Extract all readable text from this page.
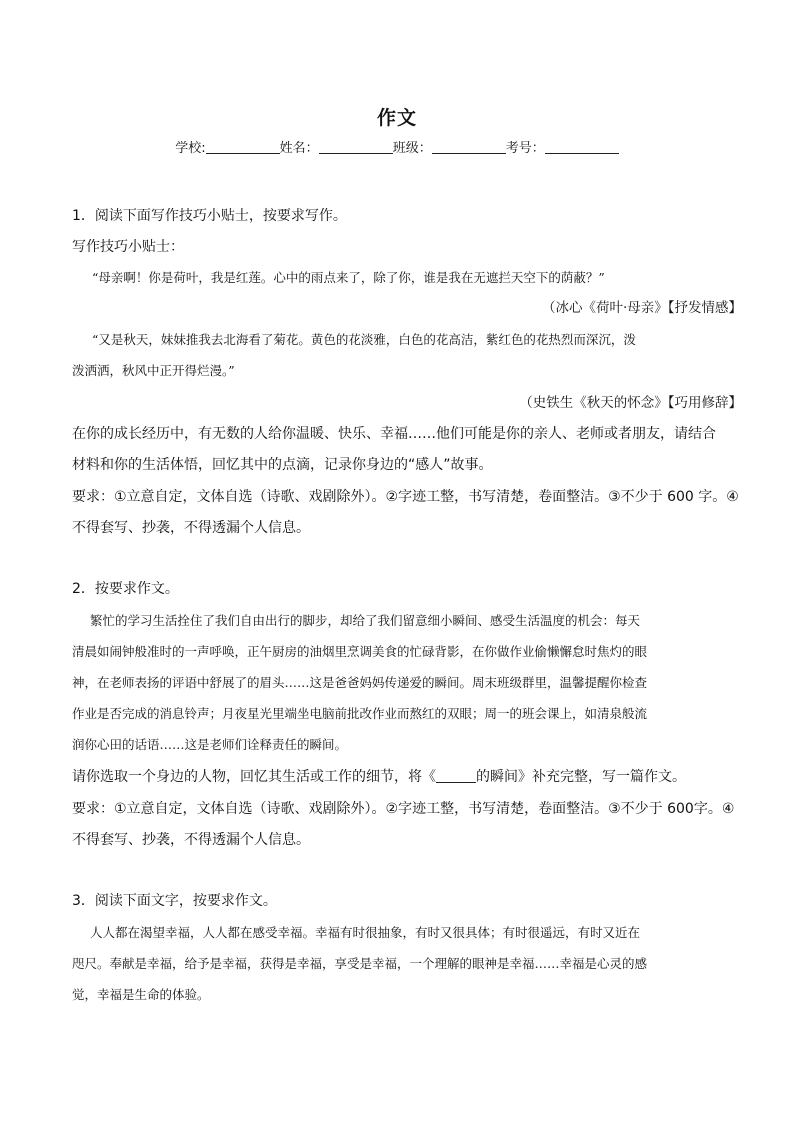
作文
学校:	姓名：	班级：	考号：
1．阅读下面写作技巧小贴士，按要求写作。
写作技巧小贴士：
“母亲啊！你是荷叶，我是红莲。心中的雨点来了，除了你，谁是我在无遮拦天空下的荫蔽？”
（冰心《荷叶·母亲》【抒发情感】
“又是秋天，妹妹推我去北海看了菊花。黄色的花淡雅，白色的花高洁，紫红色的花热烈而深沉，泼
泼洒洒，秋风中正开得烂漫。”
（史铁生《秋天的怀念》【巧用修辞】
在你的成长经历中，有无数的人给你温暖、快乐、幸福……他们可能是你的亲人、老师或者朋友，请结合
材料和你的生活体悟，回忆其中的点滴，记录你身边的“感人”故事。
要求：①立意自定，文体自选（诗歌、戏剧除外）。②字迹工整，书写清楚，卷面整洁。③不少于 600 字。④
不得套写、抄袭，不得透漏个人信息。
2．按要求作文。
繁忙的学习生活拴住了我们自由出行的脚步，却给了我们留意细小瞬间、感受生活温度的机会：每天
清晨如闹钟般准时的一声呼唤，正午厨房的油烟里烹调美食的忙碌背影，在你做作业偷懒懈怠时焦灼的眼
神，在老师表扬的评语中舒展了的眉头……这是爸爸妈妈传递爱的瞬间。周末班级群里，温馨提醒你检查
作业是否完成的消息铃声；月夜星光里端坐电脑前批改作业而熬红的双眼；周一的班会课上，如清泉般流
润你心田的话语……这是老师们诠释责任的瞬间。
请你选取一个身边的人物，回忆其生活或工作的细节，将《	的瞬间》补充完整，写一篇作文。
要求：①立意自定，文体自选（诗歌、戏剧除外）。②字迹工整，书写清楚，卷面整洁。③不少于 600字。④
不得套写、抄袭，不得透漏个人信息。
3．阅读下面文字，按要求作文。
人人都在渴望幸福，人人都在感受幸福。幸福有时很抽象，有时又很具体；有时很遥远，有时又近在
咫尺。奉献是幸福，给予是幸福，获得是幸福，享受是幸福，一个理解的眼神是幸福……幸福是心灵的感
觉，幸福是生命的体验。
